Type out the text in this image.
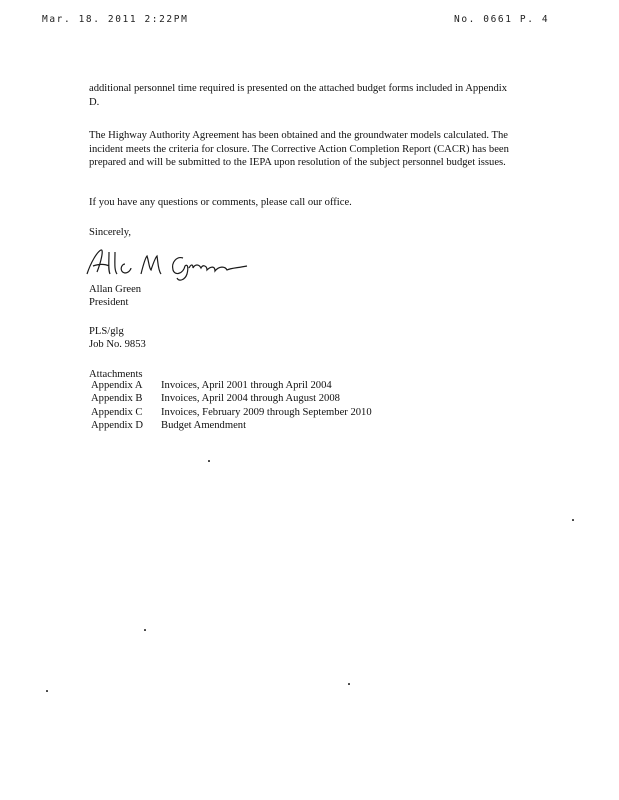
Mar. 18. 2011 2:22PM	No. 0661 P. 4

additional personnel time required is presented on the attached budget forms included in Appendix D.

The Highway Authority Agreement has been obtained and the groundwater models calculated. The incident meets the criteria for closure. The Corrective Action Completion Report (CACR) has been prepared and will be submitted to the IEPA upon resolution of the subject personnel budget issues.

If you have any questions or comments, please call our office.

Sincerely,

Allan Green

President

PLS/glg

Job No. 9853

Attachments

Appendix A Invoices, April 2001 through April 2004
Appendix B Invoices, April 2004 through August 2008
Appendix C Invoices, February 2009 through September 2010
Appendix D Budget Amendment
